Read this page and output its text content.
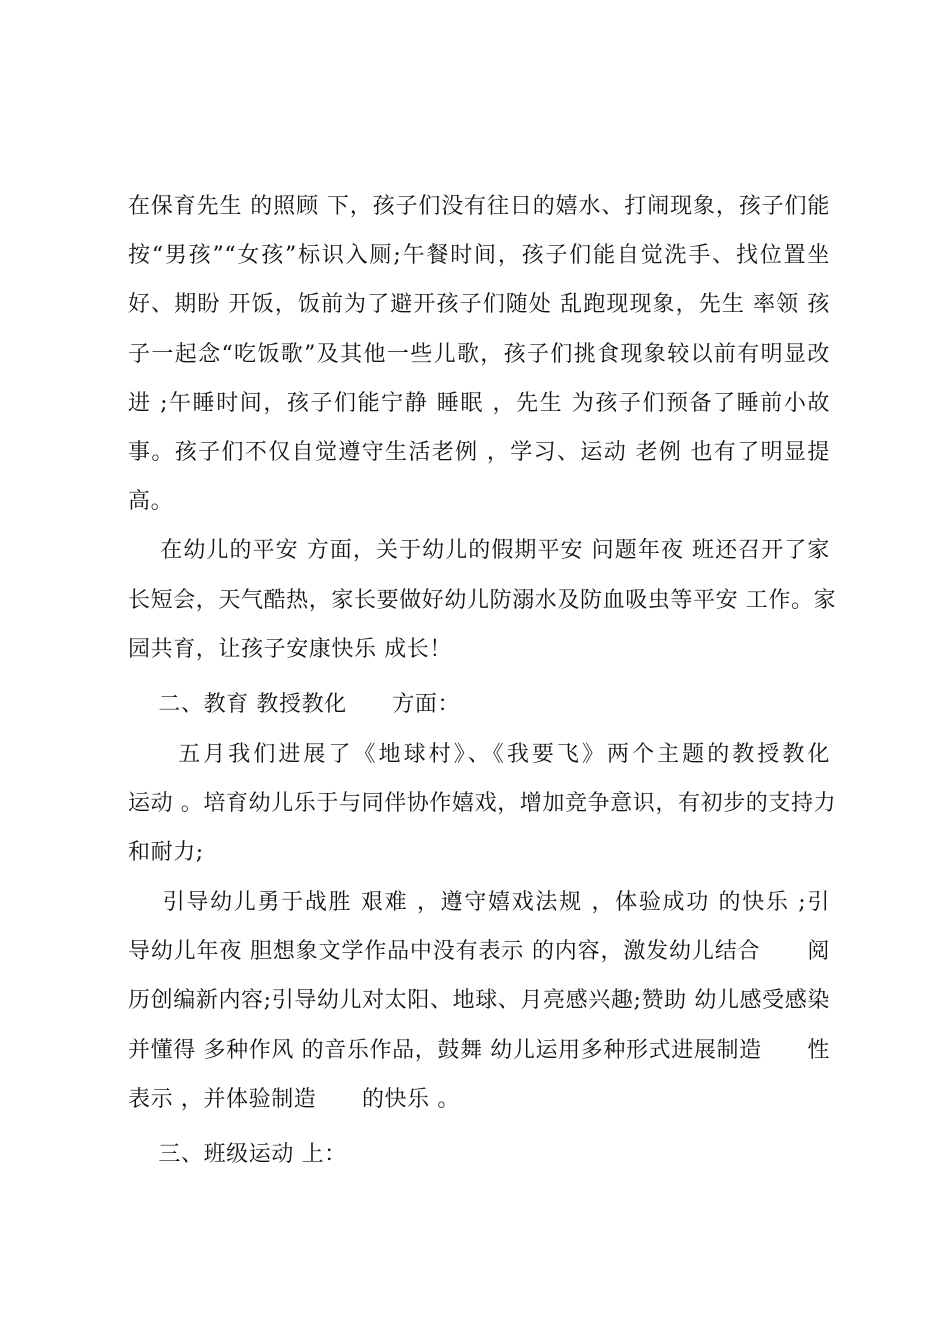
在保育先生 的照顾 下，孩子们没有往日的嬉水、打闹现象，孩子们能
按“男孩”“女孩”标识入厕;午餐时间，孩子们能自觉洗手、找位置坐
好、期盼 开饭，饭前为了避开孩子们随处 乱跑现现象，先生 率领 孩
子一起念“吃饭歌”及其他一些儿歌，孩子们挑食现象较以前有明显改
进 ;午睡时间，孩子们能宁静 睡眠 ，先生 为孩子们预备了睡前小故
事。孩子们不仅自觉遵守生活老例 ，学习、运动 老例 也有了明显提
高。
在幼儿的平安 方面，关于幼儿的假期平安 问题年夜 班还召开了家
长短会，天气酷热，家长要做好幼儿防溺水及防血吸虫等平安 工作。家
园共育，让孩子安康快乐 成长！
二、教育 教授教化      方面：
五月我们进展了《地球村》、《我要飞》两个主题的教授教化
运动 。培育幼儿乐于与同伴协作嬉戏，增加竞争意识，有初步的支持力
和耐力;
引导幼儿勇于战胜 艰难 ，遵守嬉戏法规 ，体验成功 的快乐 ;引
导幼儿年夜 胆想象文学作品中没有表示 的内容，激发幼儿结合      阅
历创编新内容;引导幼儿对太阳、地球、月亮感兴趣;赞助 幼儿感受感染
并懂得 多种作风 的音乐作品，鼓舞 幼儿运用多种形式进展制造      性
表示 ，并体验制造      的快乐 。
三、班级运动 上：
